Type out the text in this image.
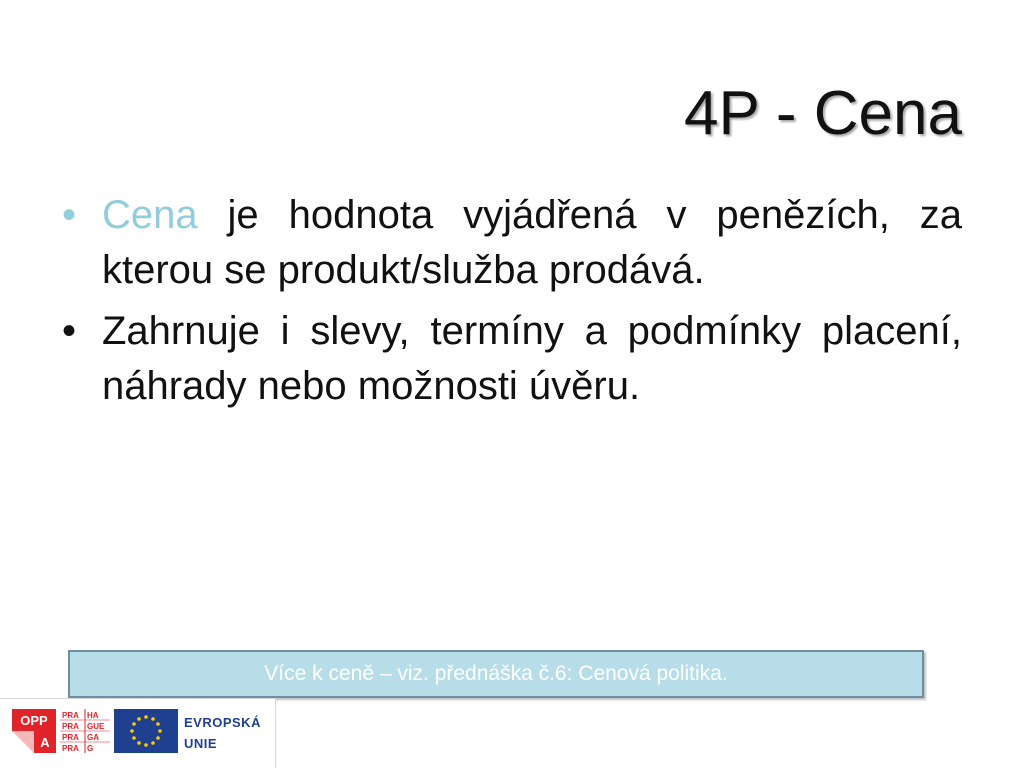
4P - Cena
• Cena je hodnota vyjádřená v penězích, za kterou se produkt/služba prodává.
• Zahrnuje i slevy, termíny a podmínky placení, náhrady nebo možnosti úvěru.
Více k ceně – viz. přednáška č.6: Cenová politika.
OPP
A
PRA HA
PRA GUE
PRA GA
PRA G
EVROPSKÁ
UNIE
